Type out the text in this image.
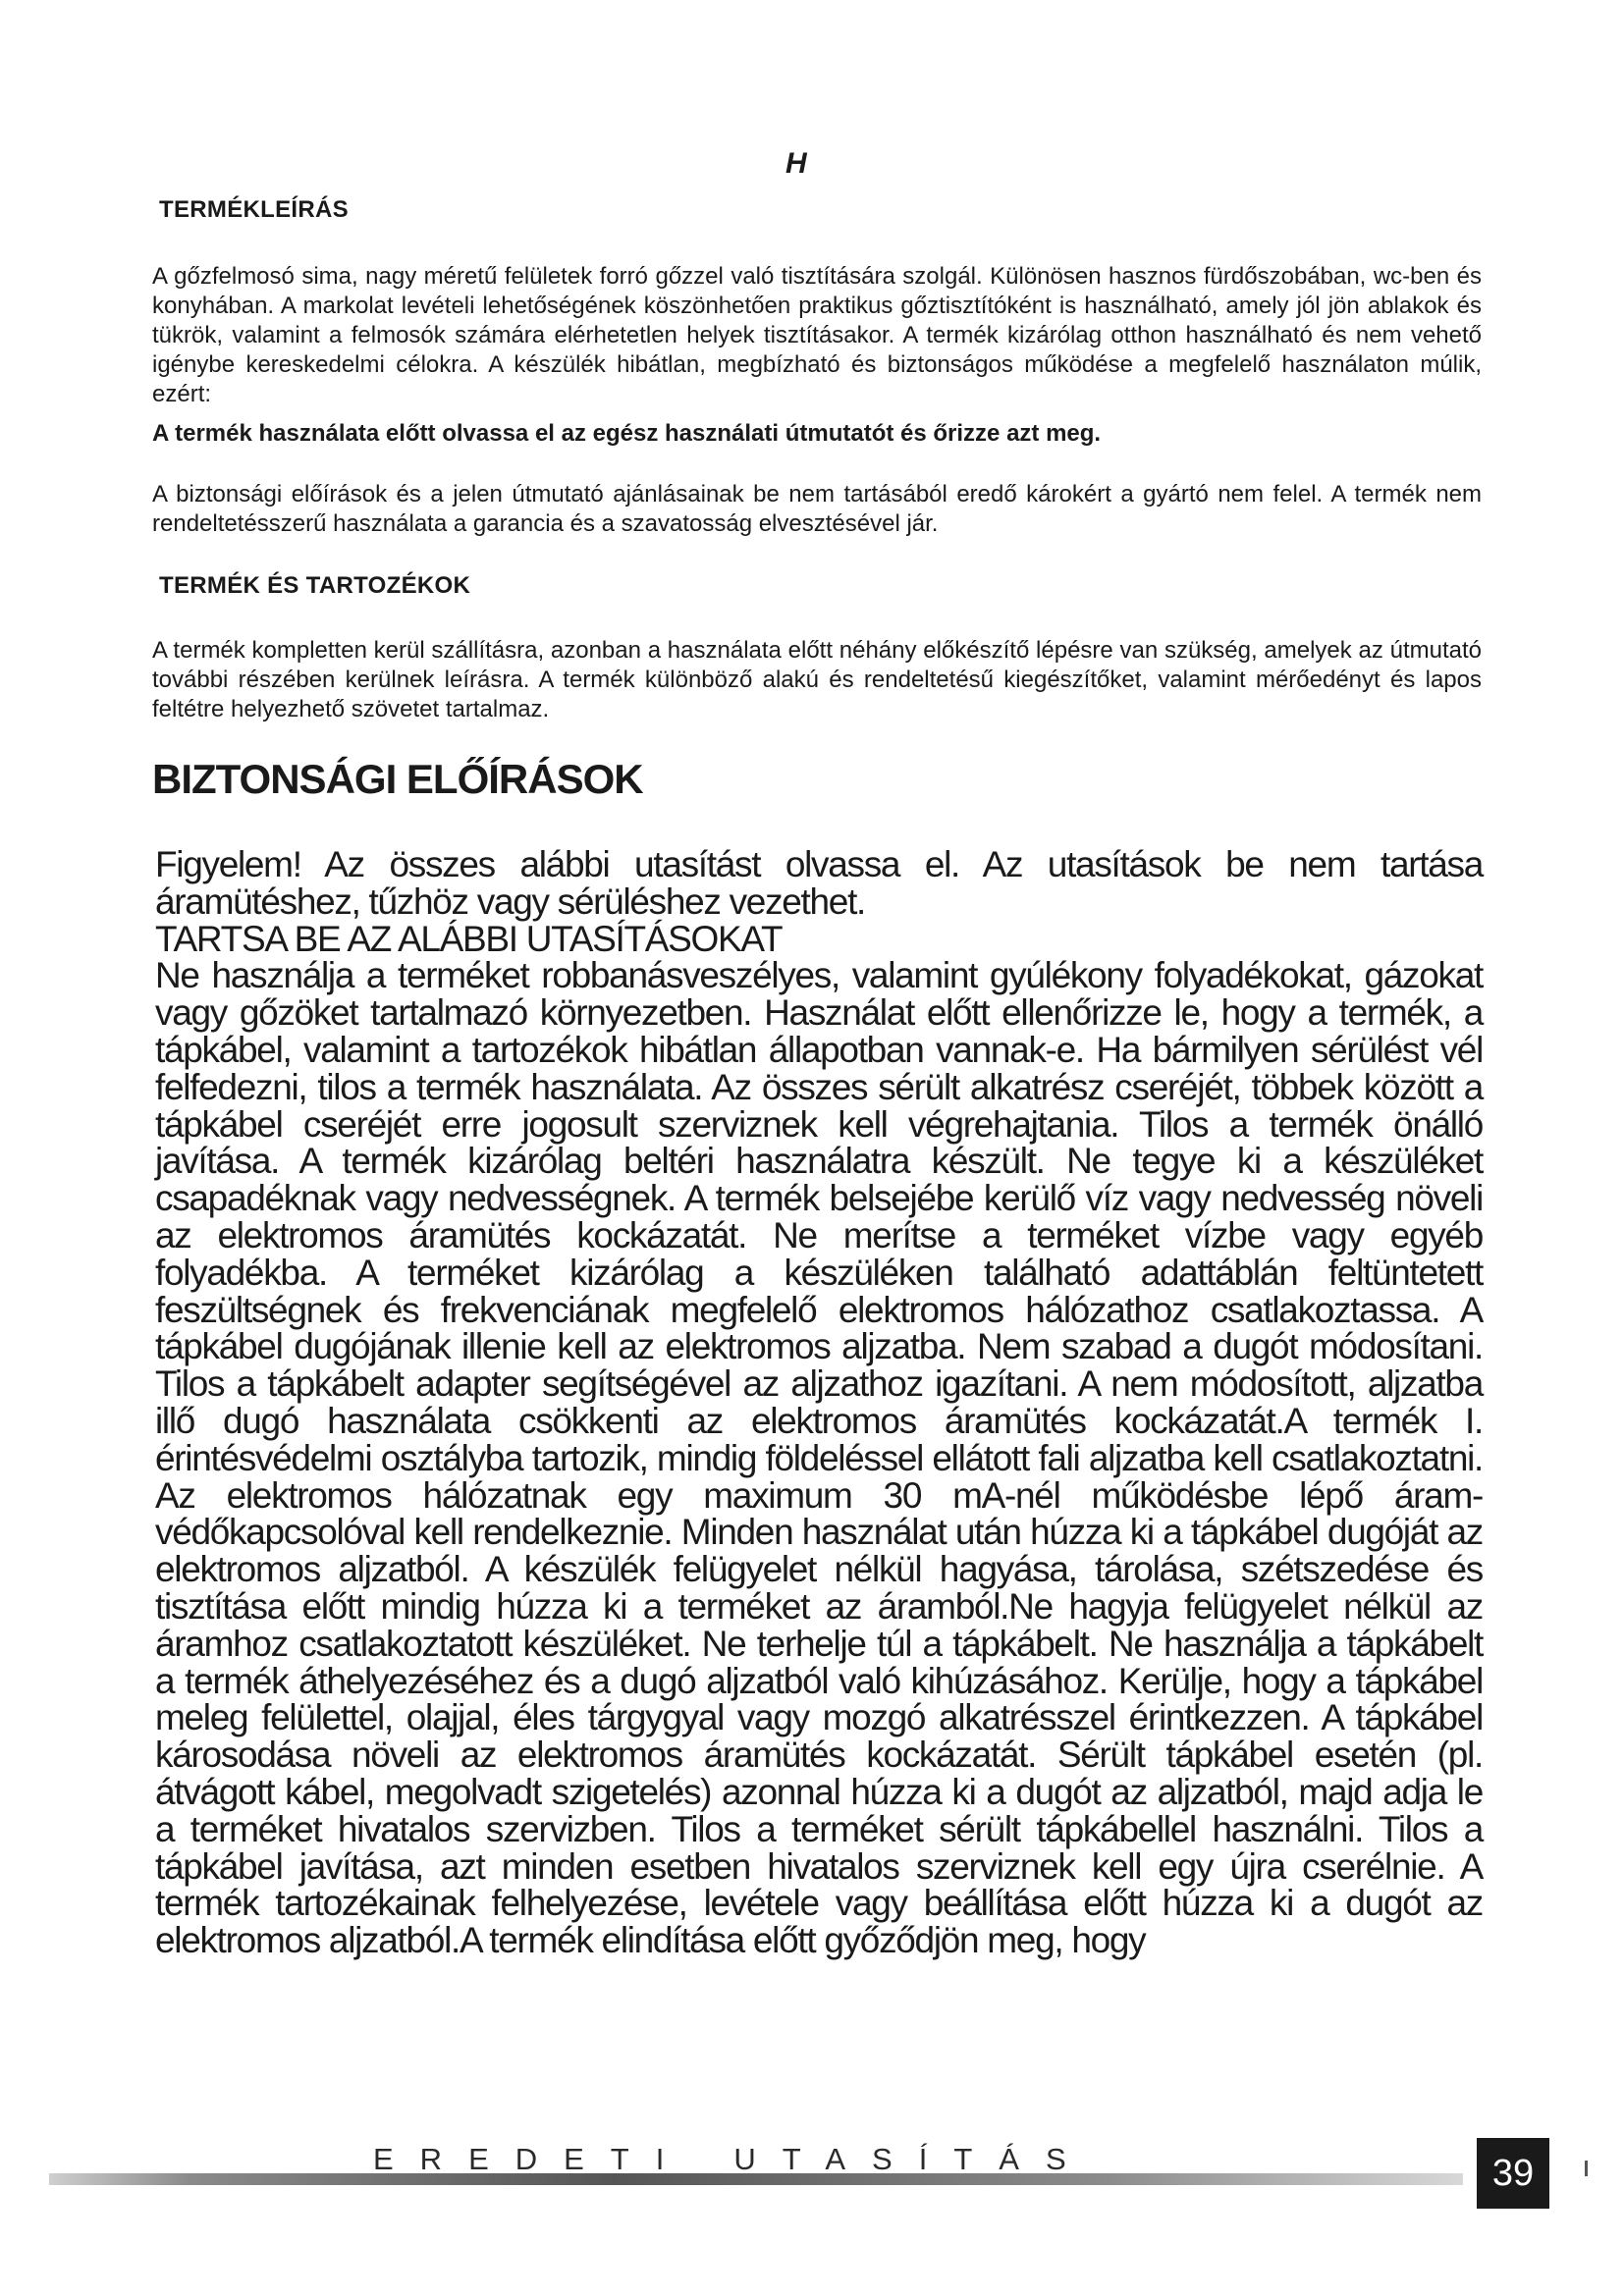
H
TERMÉKLEÍRÁS

A gőzfelmosó sima, nagy méretű felületek forró gőzzel való tisztítására szolgál. Különösen hasznos fürdőszobában, wc-ben és konyhában. A markolat levételi lehetőségének köszönhetően praktikus gőztisztítóként is használható, amely jól jön ablakok és tükrök, valamint a felmosók számára elérhetetlen helyek tisztításakor. A termék kizárólag otthon használható és nem vehető igénybe kereskedelmi célokra. A készülék hibátlan, megbízható és biztonságos működése a megfelelő használaton múlik, ezért:

A termék használata előtt olvassa el az egész használati útmutatót és őrizze azt meg.

A biztonsági előírások és a jelen útmutató ajánlásainak be nem tartásából eredő károkért a gyártó nem felel. A termék nem rendeltetésszerű használata a garancia és a szavatosság elvesztésével jár.

TERMÉK ÉS TARTOZÉKOK

A termék kompletten kerül szállításra, azonban a használata előtt néhány előkészítő lépésre van szükség, amelyek az útmutató további részében kerülnek leírásra. A termék különböző alakú és rendeltetésű kiegészítőket, valamint mérőedényt és lapos feltétre helyezhető szövetet tartalmaz.

BIZTONSÁGI ELŐÍRÁSOK
Figyelem! Az összes alábbi utasítást olvassa el. Az utasítások be nem tartása áramütéshez, tűzhöz vagy sérüléshez vezethet.
TARTSA BE AZ ALÁBBI UTASÍTÁSOKAT
Ne használja a terméket robbanásveszélyes, valamint gyúlékony folyadékokat, gázokat vagy gőzöket tartalmazó környezetben. Használat előtt ellenőrizze le, hogy a termék, a tápkábel, valamint a tartozékok hibátlan állapotban vannak-e. Ha bármilyen sérülést vél felfedezni, tilos a termék használata. Az összes sérült alkatrész cseréjét, többek között a tápkábel cseréjét erre jogosult szerviznek kell végrehajtania. Tilos a termék önálló javítása. A termék kizárólag beltéri használatra készült. Ne tegye ki a készüléket csapadéknak vagy nedvességnek. A termék belsejébe kerülő víz vagy nedvesség növeli az elektromos áramütés kockázatát. Ne merítse a terméket vízbe vagy egyéb folyadékba. A terméket kizárólag a készüléken található adattáblán feltüntetett feszültségnek és frekvenciának megfelelő elektromos hálózathoz csatlakoztassa. A tápkábel dugójának illenie kell az elektromos aljzatba. Nem szabad a dugót módosítani. Tilos a tápkábelt adapter segítségével az aljzathoz igazítani. A nem módosított, aljzatba illő dugó használata csökkenti az elektromos áramütés kockázatát.A termék I. érintésvédelmi osztályba tartozik, mindig földeléssel ellátott fali aljzatba kell csatlakoztatni. Az elektromos hálózatnak egy maximum 30 mA-nél működésbe lépő áram-védőkapcsolóval kell rendelkeznie. Minden használat után húzza ki a tápkábel dugóját az elektromos aljzatból. A készülék felügyelet nélkül hagyása, tárolása, szétszedése és tisztítása előtt mindig húzza ki a terméket az áramból.Ne hagyja felügyelet nélkül az áramhoz csatlakoztatott készüléket. Ne terhelje túl a tápkábelt. Ne használja a tápkábelt a termék áthelyezéséhez és a dugó aljzatból való kihúzásához. Kerülje, hogy a tápkábel meleg felülettel, olajjal, éles tárgygyal vagy mozgó alkatrésszel érintkezzen. A tápkábel károsodása növeli az elektromos áramütés kockázatát. Sérült tápkábel esetén (pl. átvágott kábel, megolvadt szigetelés) azonnal húzza ki a dugót az aljzatból, majd adja le a terméket hivatalos szervizben. Tilos a terméket sérült tápkábellel használni. Tilos a tápkábel javítása, azt minden esetben hivatalos szerviznek kell egy újra cserélnie. A termék tartozékainak felhelyezése, levétele vagy beállítása előtt húzza ki a dugót az elektromos aljzatból.A termék elindítása előtt győződjön meg, hogy
EREDETI UTASÍTÁS	39
